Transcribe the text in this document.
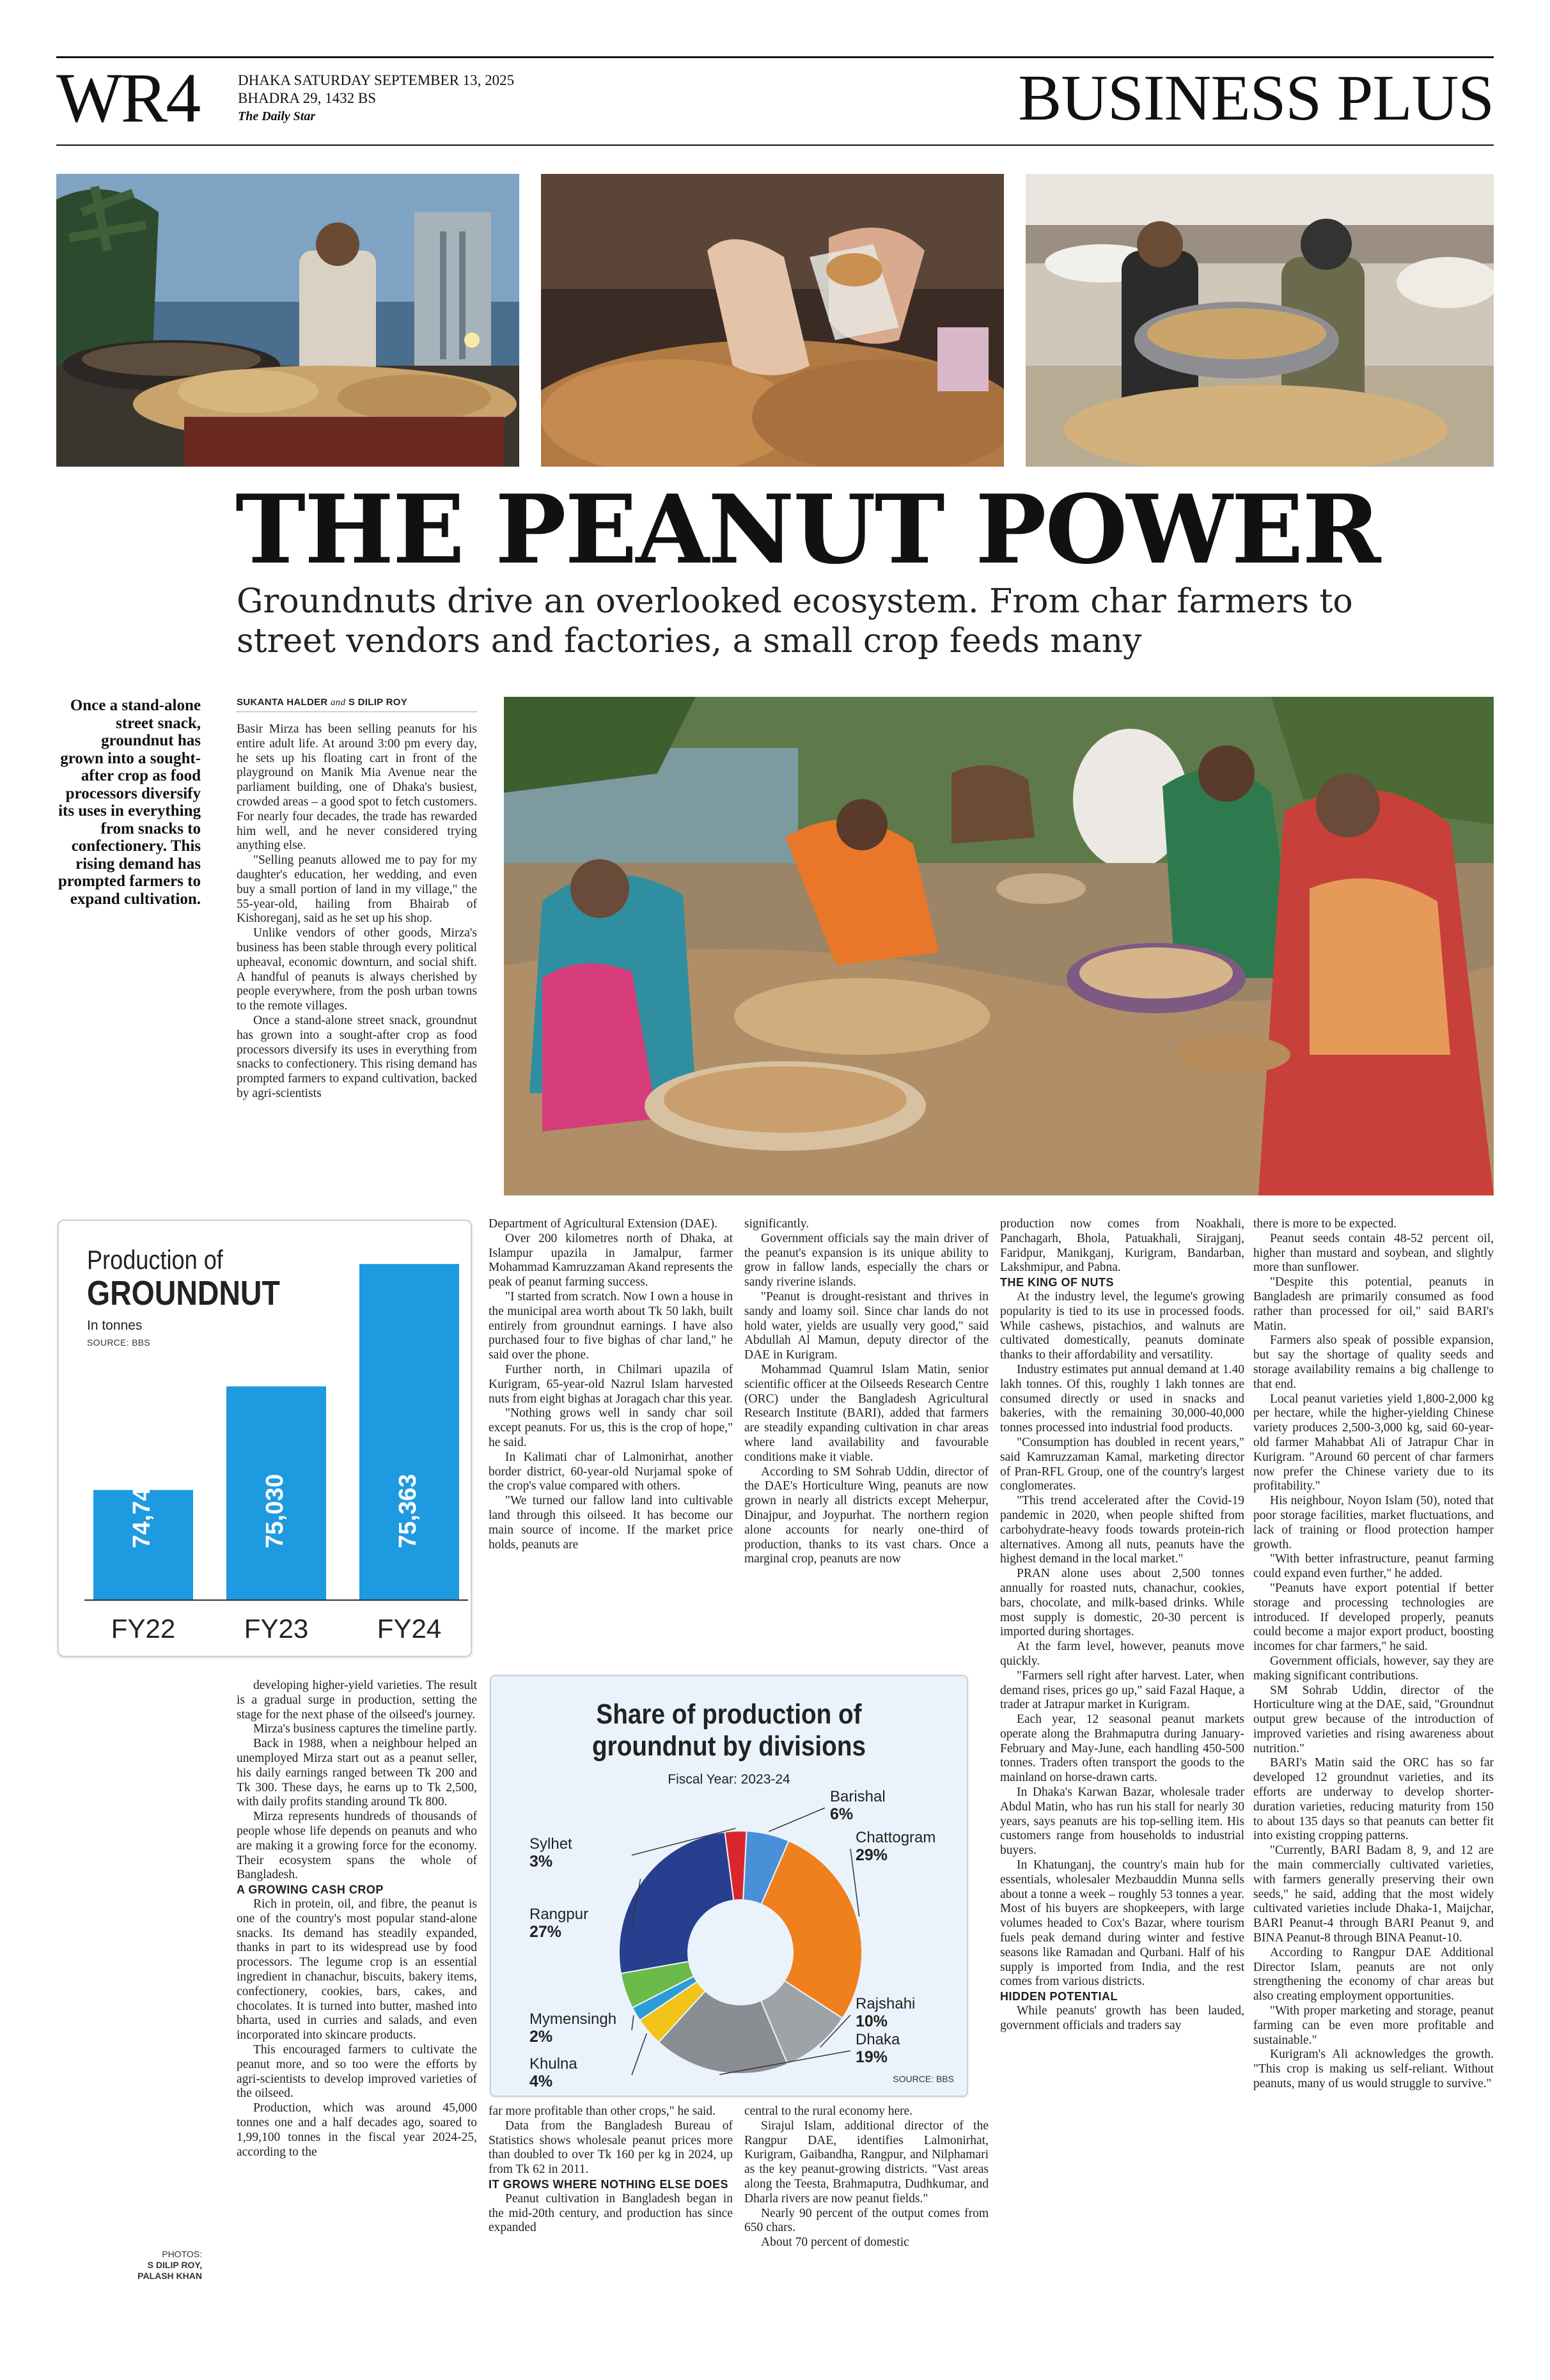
WR4	DHAKA SATURDAY SEPTEMBER 13, 2025
BHADRA 29, 1432 BS
The Daily Star	BUSINESS PLUS
THE PEANUT POWER
Groundnuts drive an overlooked ecosystem. From char farmers to street vendors and factories, a small crop feeds many
Once a stand-alone street snack, groundnut has grown into a sought-after crop as food processors diversify its uses in everything from snacks to confectionery. This rising demand has prompted farmers to expand cultivation.
SUKANTA HALDER and S DILIP ROY

Basir Mirza has been selling peanuts for his entire adult life. At around 3:00 pm every day, he sets up his floating cart in front of the playground on Manik Mia Avenue near the parliament building, one of Dhaka's busiest, crowded areas – a good spot to fetch customers. For nearly four decades, the trade has rewarded him well, and he never considered trying anything else.

"Selling peanuts allowed me to pay for my daughter's education, her wedding, and even buy a small portion of land in my village," the 55-year-old, hailing from Bhairab of Kishoreganj, said as he set up his shop.

Unlike vendors of other goods, Mirza's business has been stable through every political upheaval, economic downturn, and social shift. A handful of peanuts is always cherished by people everywhere, from the posh urban towns to the remote villages.

Once a stand-alone street snack, groundnut has grown into a sought-after crop as food processors diversify its uses in everything from snacks to confectionery. This rising demand has prompted farmers to expand cultivation, backed by agri-scientists

Production of
GROUNDNUT
In tonnes
SOURCE: BBS
74,748
FY22
75,030
FY23
75,363
FY24

Department of Agricultural Extension (DAE).

Over 200 kilometres north of Dhaka, at Islampur upazila in Jamalpur, farmer Mohammad Kamruzzaman Akand represents the peak of peanut farming success.

"I started from scratch. Now I own a house in the municipal area worth about Tk 50 lakh, built entirely from groundnut earnings. I have also purchased four to five bighas of char land," he said over the phone.

Further north, in Chilmari upazila of Kurigram, 65-year-old Nazrul Islam harvested nuts from eight bighas at Joragach char this year.

"Nothing grows well in sandy char soil except peanuts. For us, this is the crop of hope," he said.

In Kalimati char of Lalmonirhat, another border district, 60-year-old Nurjamal spoke of the crop's value compared with others.

"We turned our fallow land into cultivable land through this oilseed. It has become our main source of income. If the market price holds, peanuts are

significantly.

Government officials say the main driver of the peanut's expansion is its unique ability to grow in fallow lands, especially the chars or sandy riverine islands.

"Peanut is drought-resistant and thrives in sandy and loamy soil. Since char lands do not hold water, yields are usually very good," said Abdullah Al Mamun, deputy director of the DAE in Kurigram.

Mohammad Quamrul Islam Matin, senior scientific officer at the Oilseeds Research Centre (ORC) under the Bangladesh Agricultural Research Institute (BARI), added that farmers are steadily expanding cultivation in char areas where land availability and favourable conditions make it viable.

According to SM Sohrab Uddin, director of the DAE's Horticulture Wing, peanuts are now grown in nearly all districts except Meherpur, Dinajpur, and Joypurhat. The northern region alone accounts for nearly one-third of production, thanks to its vast chars. Once a marginal crop, peanuts are now

developing higher-yield varieties. The result is a gradual surge in production, setting the stage for the next phase of the oilseed's journey.

Mirza's business captures the timeline partly.

Back in 1988, when a neighbour helped an unemployed Mirza start out as a peanut seller, his daily earnings ranged between Tk 200 and Tk 300. These days, he earns up to Tk 2,500, with daily profits standing around Tk 800.

Mirza represents hundreds of thousands of people whose life depends on peanuts and who are making it a growing force for the economy. Their ecosystem spans the whole of Bangladesh.

A GROWING CASH CROP

Rich in protein, oil, and fibre, the peanut is one of the country's most popular stand-alone snacks. Its demand has steadily expanded, thanks in part to its widespread use by food processors. The legume crop is an essential ingredient in chanachur, biscuits, bakery items, confectionery, cookies, bars, cakes, and chocolates. It is turned into butter, mashed into bharta, used in curries and salads, and even incorporated into skincare products.

This encouraged farmers to cultivate the peanut more, and so too were the efforts by agri-scientists to develop improved varieties of the oilseed.

Production, which was around 45,000 tonnes one and a half decades ago, soared to 1,99,100 tonnes in the fiscal year 2024-25, according to the

Share of production of
groundnut by divisions
Fiscal Year: 2023-24
Barishal
6%
Chattogram
29%
Rajshahi
10%
Dhaka
19%
Khulna
4%
Mymensingh
2%
Rangpur
27%
Sylhet
3%
SOURCE: BBS

far more profitable than other crops," he said.

Data from the Bangladesh Bureau of Statistics shows wholesale peanut prices more than doubled to over Tk 160 per kg in 2024, up from Tk 62 in 2011.

IT GROWS WHERE NOTHING ELSE DOES

Peanut cultivation in Bangladesh began in the mid-20th century, and production has since expanded

central to the rural economy here.

Sirajul Islam, additional director of the Rangpur DAE, identifies Lalmonirhat, Kurigram, Gaibandha, Rangpur, and Nilphamari as the key peanut-growing districts. "Vast areas along the Teesta, Brahmaputra, Dudhkumar, and Dharla rivers are now peanut fields."

Nearly 90 percent of the output comes from 650 chars.

About 70 percent of domestic

production now comes from Noakhali, Panchagarh, Bhola, Patuakhali, Sirajganj, Faridpur, Manikganj, Kurigram, Bandarban, Lakshmipur, and Pabna.

THE KING OF NUTS

At the industry level, the legume's growing popularity is tied to its use in processed foods. While cashews, pistachios, and walnuts are cultivated domestically, peanuts dominate thanks to their affordability and versatility.

Industry estimates put annual demand at 1.40 lakh tonnes. Of this, roughly 1 lakh tonnes are consumed directly or used in snacks and bakeries, with the remaining 30,000-40,000 tonnes processed into industrial food products.

"Consumption has doubled in recent years," said Kamruzzaman Kamal, marketing director of Pran-RFL Group, one of the country's largest conglomerates.

"This trend accelerated after the Covid-19 pandemic in 2020, when people shifted from carbohydrate-heavy foods towards protein-rich alternatives. Among all nuts, peanuts have the highest demand in the local market."

PRAN alone uses about 2,500 tonnes annually for roasted nuts, chanachur, cookies, bars, chocolate, and milk-based drinks. While most supply is domestic, 20-30 percent is imported during shortages.

At the farm level, however, peanuts move quickly.

"Farmers sell right after harvest. Later, when demand rises, prices go up," said Fazal Haque, a trader at Jatrapur market in Kurigram.

Each year, 12 seasonal peanut markets operate along the Brahmaputra during January-February and May-June, each handling 450-500 tonnes. Traders often transport the goods to the mainland on horse-drawn carts.

In Dhaka's Karwan Bazar, wholesale trader Abdul Matin, who has run his stall for nearly 30 years, says peanuts are his top-selling item. His customers range from households to industrial buyers.

In Khatunganj, the country's main hub for essentials, wholesaler Mezbauddin Munna sells about a tonne a week – roughly 53 tonnes a year. Most of his buyers are shopkeepers, with large volumes headed to Cox's Bazar, where tourism fuels peak demand during winter and festive seasons like Ramadan and Qurbani. Half of his supply is imported from India, and the rest comes from various districts.

HIDDEN POTENTIAL

While peanuts' growth has been lauded, government officials and traders say

there is more to be expected.

Peanut seeds contain 48-52 percent oil, higher than mustard and soybean, and slightly more than sunflower.

"Despite this potential, peanuts in Bangladesh are primarily consumed as food rather than processed for oil," said BARI's Matin.

Farmers also speak of possible expansion, but say the shortage of quality seeds and storage availability remains a big challenge to that end.

Local peanut varieties yield 1,800-2,000 kg per hectare, while the higher-yielding Chinese variety produces 2,500-3,000 kg, said 60-year-old farmer Mahabbat Ali of Jatrapur Char in Kurigram. "Around 60 percent of char farmers now prefer the Chinese variety due to its profitability."

His neighbour, Noyon Islam (50), noted that poor storage facilities, market fluctuations, and lack of training or flood protection hamper growth.

"With better infrastructure, peanut farming could expand even further," he added.

"Peanuts have export potential if better storage and processing technologies are introduced. If developed properly, peanuts could become a major export product, boosting incomes for char farmers," he said.

Government officials, however, say they are making significant contributions.

SM Sohrab Uddin, director of the Horticulture wing at the DAE, said, "Groundnut output grew because of the introduction of improved varieties and rising awareness about nutrition."

BARI's Matin said the ORC has so far developed 12 groundnut varieties, and its efforts are underway to develop shorter-duration varieties, reducing maturity from 150 to about 135 days so that peanuts can better fit into existing cropping patterns.

"Currently, BARI Badam 8, 9, and 12 are the main commercially cultivated varieties, with farmers generally preserving their own seeds," he said, adding that the most widely cultivated varieties include Dhaka-1, Maijchar, BARI Peanut-4 through BARI Peanut 9, and BINA Peanut-8 through BINA Peanut-10.

According to Rangpur DAE Additional Director Islam, peanuts are not only strengthening the economy of char areas but also creating employment opportunities.

"With proper marketing and storage, peanut farming can be even more profitable and sustainable."

Kurigram's Ali acknowledges the growth. "This crop is making us self-reliant. Without peanuts, many of us would struggle to survive."

PHOTOS:
S DILIP ROY,
PALASH KHAN
